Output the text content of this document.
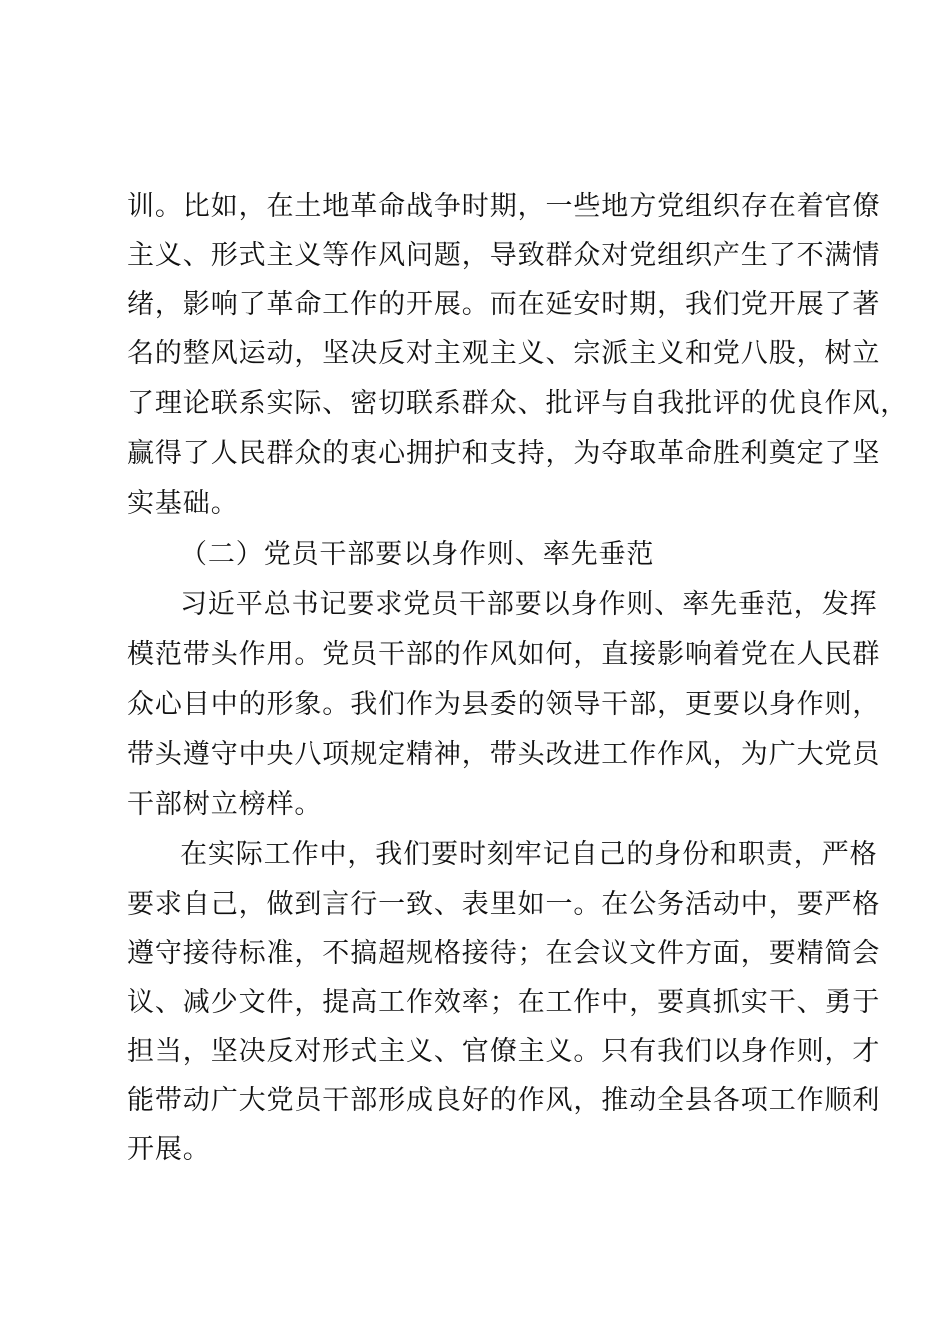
训。比如，在土地革命战争时期，一些地方党组织存在着官僚
主义、形式主义等作风问题，导致群众对党组织产生了不满情
绪，影响了革命工作的开展。而在延安时期，我们党开展了著
名的整风运动，坚决反对主观主义、宗派主义和党八股，树立
了理论联系实际、密切联系群众、批评与自我批评的优良作风，
赢得了人民群众的衷心拥护和支持，为夺取革命胜利奠定了坚
实基础。
（二）党员干部要以身作则、率先垂范
习近平总书记要求党员干部要以身作则、率先垂范，发挥
模范带头作用。党员干部的作风如何，直接影响着党在人民群
众心目中的形象。我们作为县委的领导干部，更要以身作则，
带头遵守中央八项规定精神，带头改进工作作风，为广大党员
干部树立榜样。
在实际工作中，我们要时刻牢记自己的身份和职责，严格
要求自己，做到言行一致、表里如一。在公务活动中，要严格
遵守接待标准，不搞超规格接待；在会议文件方面，要精简会
议、减少文件，提高工作效率；在工作中，要真抓实干、勇于
担当，坚决反对形式主义、官僚主义。只有我们以身作则，才
能带动广大党员干部形成良好的作风，推动全县各项工作顺利
开展。
